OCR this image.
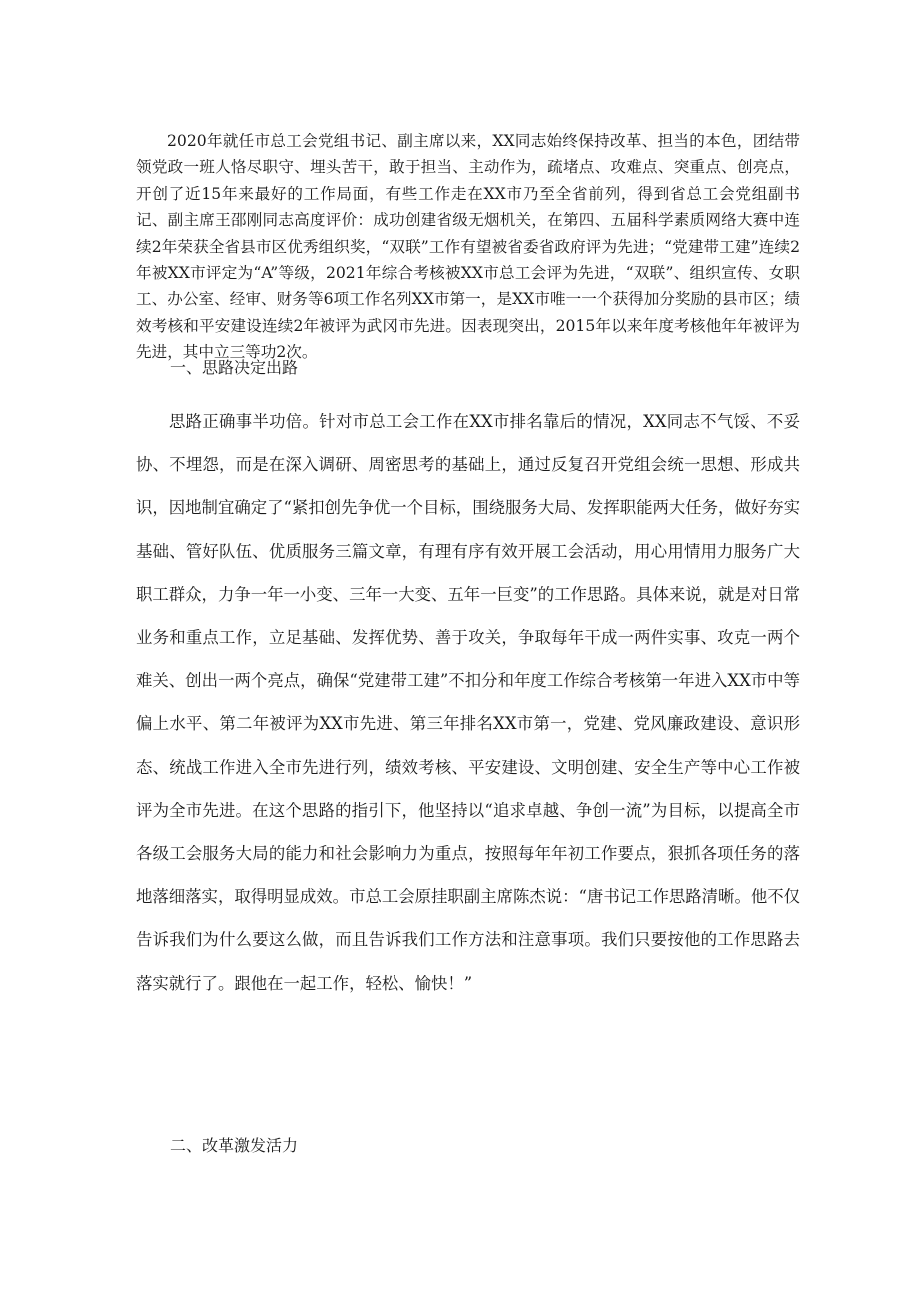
2020年就任市总工会党组书记、副主席以来，XX同志始终保持改革、担当的本色，团结带领党政一班人恪尽职守、埋头苦干，敢于担当、主动作为，疏堵点、攻难点、突重点、创亮点，开创了近15年来最好的工作局面，有些工作走在XX市乃至全省前列，得到省总工会党组副书记、副主席王邵刚同志高度评价：成功创建省级无烟机关，在第四、五届科学素质网络大赛中连续2年荣获全省县市区优秀组织奖，“双联”工作有望被省委省政府评为先进；“党建带工建”连续2年被XX市评定为“A”等级，2021年综合考核被XX市总工会评为先进，“双联”、组织宣传、女职工、办公室、经审、财务等6项工作名列XX市第一，是XX市唯一一个获得加分奖励的县市区；绩效考核和平安建设连续2年被评为武冈市先进。因表现突出，2015年以来年度考核他年年被评为先进，其中立三等功2次。

一、思路决定出路

思路正确事半功倍。针对市总工会工作在XX市排名靠后的情况，XX同志不气馁、不妥协、不埋怨，而是在深入调研、周密思考的基础上，通过反复召开党组会统一思想、形成共识，因地制宜确定了“紧扣创先争优一个目标，围绕服务大局、发挥职能两大任务，做好夯实基础、管好队伍、优质服务三篇文章，有理有序有效开展工会活动，用心用情用力服务广大职工群众，力争一年一小变、三年一大变、五年一巨变”的工作思路。具体来说，就是对日常业务和重点工作，立足基础、发挥优势、善于攻关，争取每年干成一两件实事、攻克一两个难关、创出一两个亮点，确保“党建带工建”不扣分和年度工作综合考核第一年进入XX市中等偏上水平、第二年被评为XX市先进、第三年排名XX市第一，党建、党风廉政建设、意识形态、统战工作进入全市先进行列，绩效考核、平安建设、文明创建、安全生产等中心工作被评为全市先进。在这个思路的指引下，他坚持以“追求卓越、争创一流”为目标，以提高全市各级工会服务大局的能力和社会影响力为重点，按照每年年初工作要点，狠抓各项任务的落地落细落实，取得明显成效。市总工会原挂职副主席陈杰说：“唐书记工作思路清晰。他不仅告诉我们为什么要这么做，而且告诉我们工作方法和注意事项。我们只要按他的工作思路去落实就行了。跟他在一起工作，轻松、愉快！”

二、改革激发活力
